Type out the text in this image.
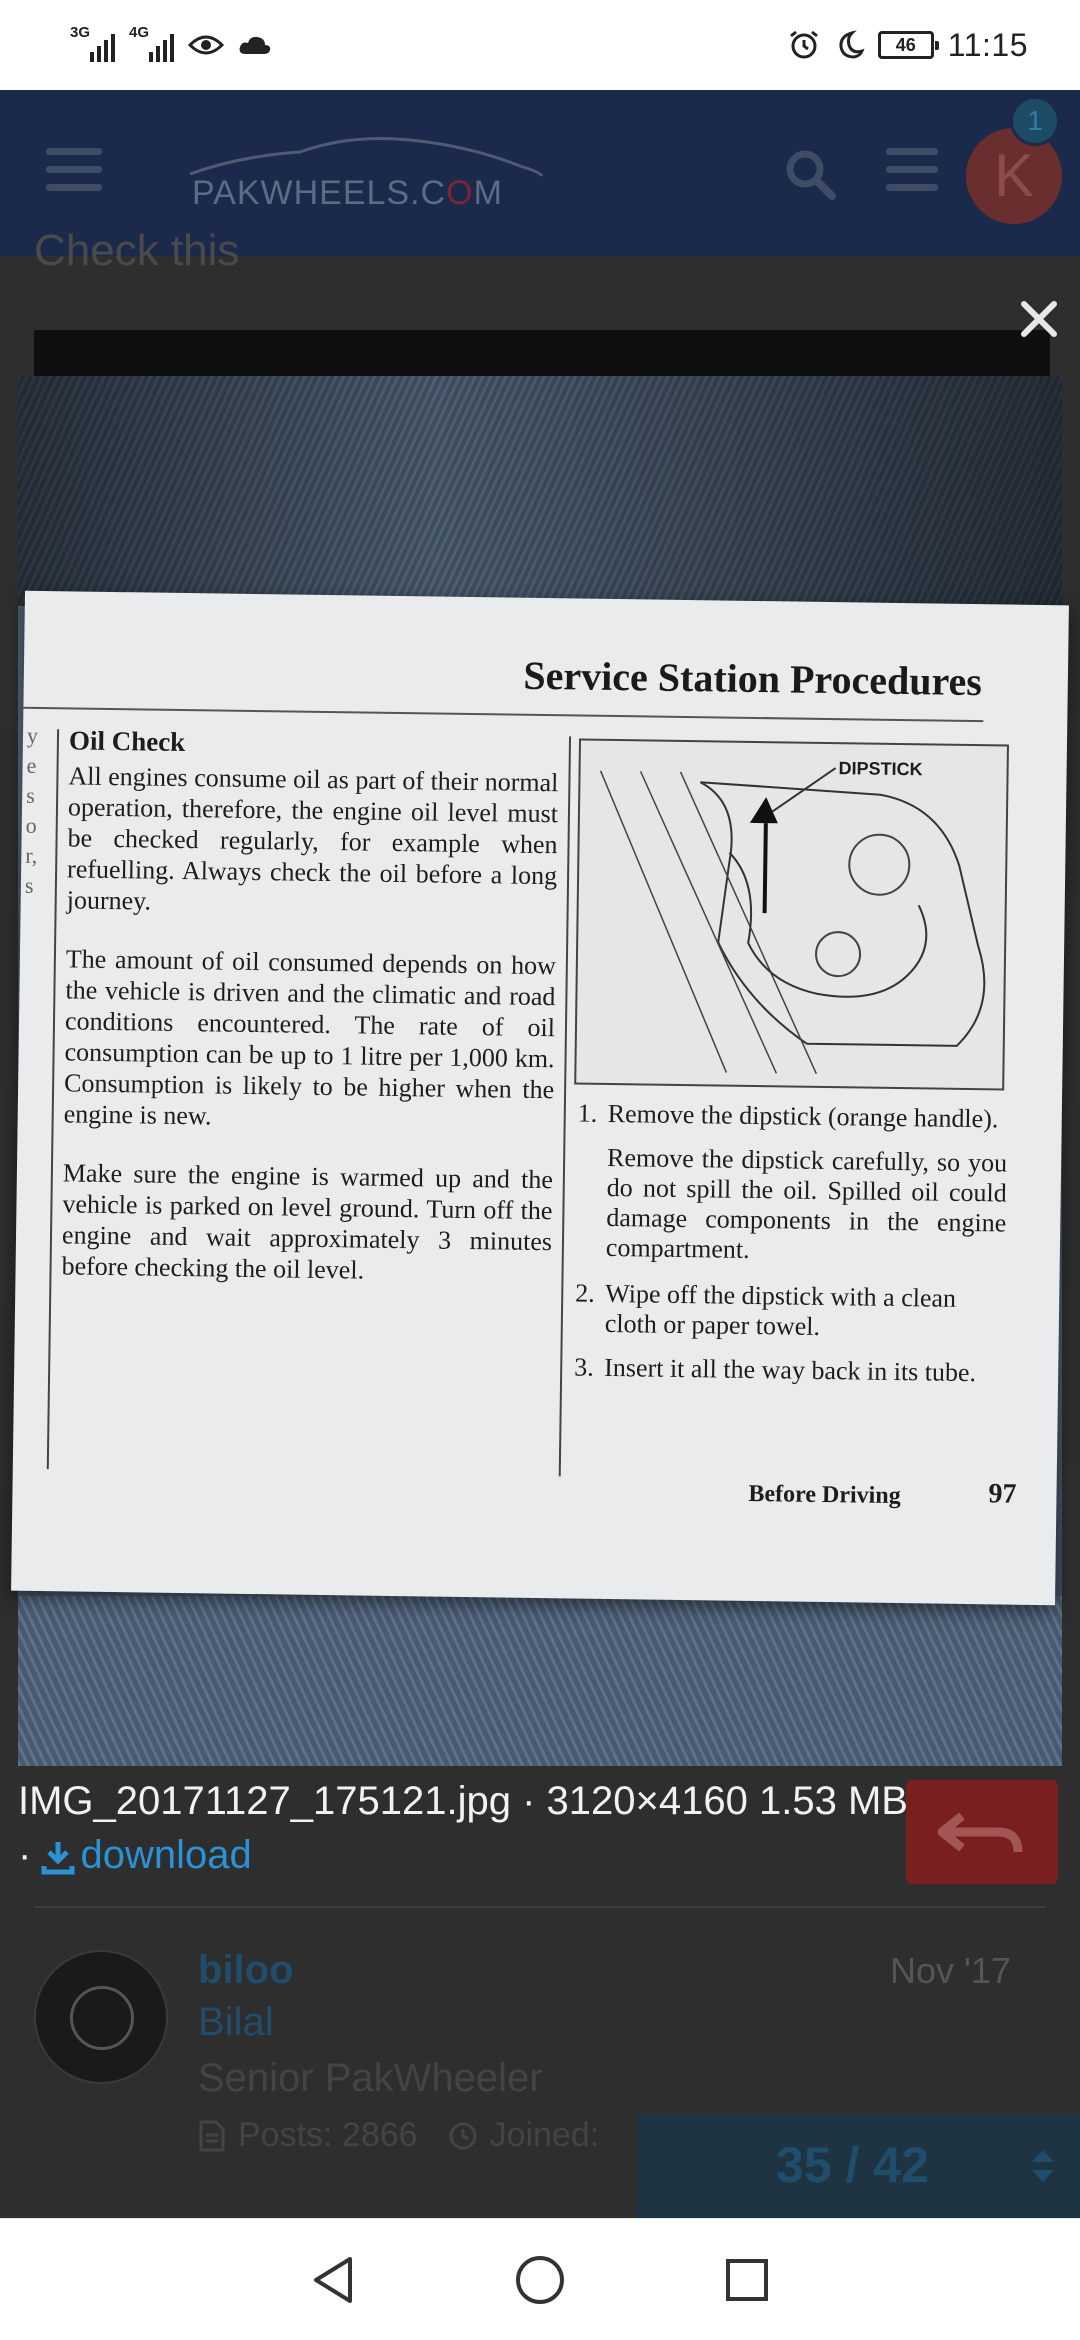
3G	4G
46 11:15
PAKWHEELS.COM	K
1
Check this
biloo
Bilal
Senior PakWheeler
Nov '17
Posts: 2866 Joined:
35 / 42
Service Station Procedures
y
e
s
o
r,
s
Oil Check

All engines consume oil as part of their normal operation, therefore, the engine oil level must be checked regularly, for example when refuelling. Always check the oil before a long journey.

The amount of oil consumed depends on how the vehicle is driven and the climatic and road conditions encountered. The rate of oil consumption can be up to 1 litre per 1,000 km. Consumption is likely to be higher when the engine is new.

Make sure the engine is warmed up and the vehicle is parked on level ground. Turn off the engine and wait approximately 3 minutes before checking the oil level.

DIPSTICK
1. Remove the dipstick (orange handle).
Remove the dipstick carefully, so you do not spill the oil. Spilled oil could damage components in the engine compartment.
2. Wipe off the dipstick with a clean cloth or paper towel.
3. Insert it all the way back in its tube.
Before Driving	97
IMG_20171127_175121.jpg · 3120×4160 1.53 MB
· download
